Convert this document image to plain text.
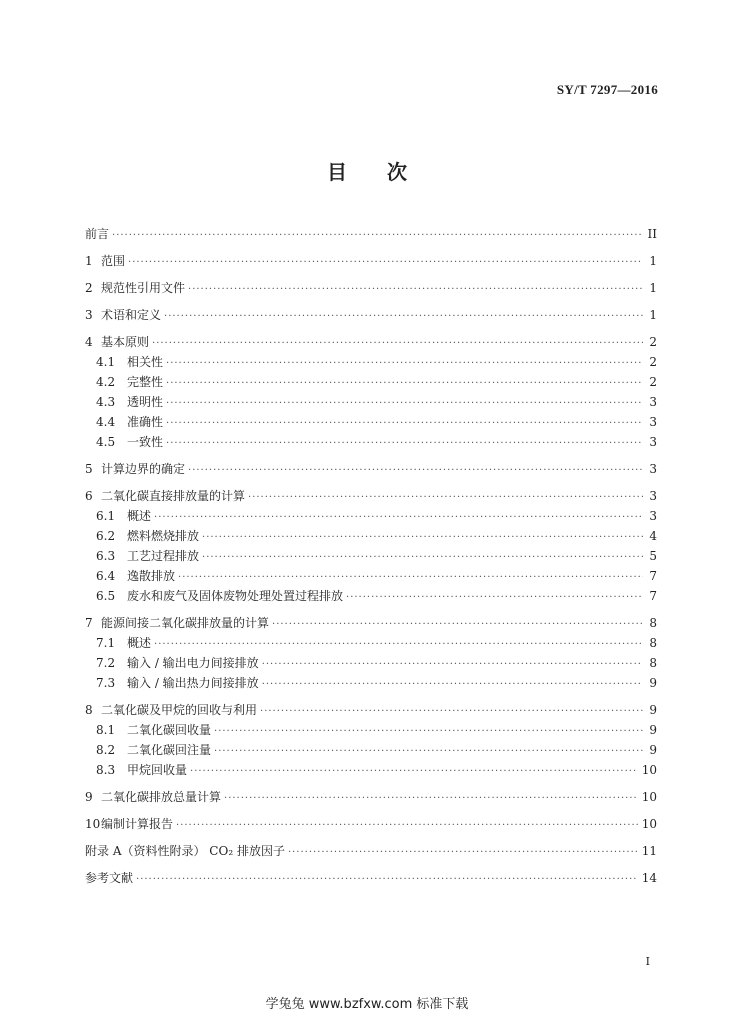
SY/T 7297—2016
目　　次
前言 ·····	II
1 范围 ·····	1
2 规范性引用文件 ·····	1
3 术语和定义 ·····	1
4 基本原则 ·····	2
4.1 相关性 ·····	2
4.2 完整性 ·····	2
4.3 透明性 ·····	3
4.4 准确性 ·····	3
4.5 一致性 ·····	3
5 计算边界的确定 ·····	3
6 二氧化碳直接排放量的计算 ·····	3
6.1 概述 ·····	3
6.2 燃料燃烧排放 ·····	4
6.3 工艺过程排放 ·····	5
6.4 逸散排放 ·····	7
6.5 废水和废气及固体废物处理处置过程排放 ·····	7
7 能源间接二氧化碳排放量的计算 ·····	8
7.1 概述 ·····	8
7.2 输入 / 输出电力间接排放 ·····	8
7.3 输入 / 输出热力间接排放 ·····	9
8 二氧化碳及甲烷的回收与利用 ·····	9
8.1 二氧化碳回收量 ·····	9
8.2 二氧化碳回注量 ·····	9
8.3 甲烷回收量 ·····	10
9 二氧化碳排放总量计算 ·····	10
10 编制计算报告 ·····	10
附录 A（资料性附录） CO₂ 排放因子 ·····	11
参考文献 ·····	14
I
学兔兔 www.bzfxw.com 标准下载
